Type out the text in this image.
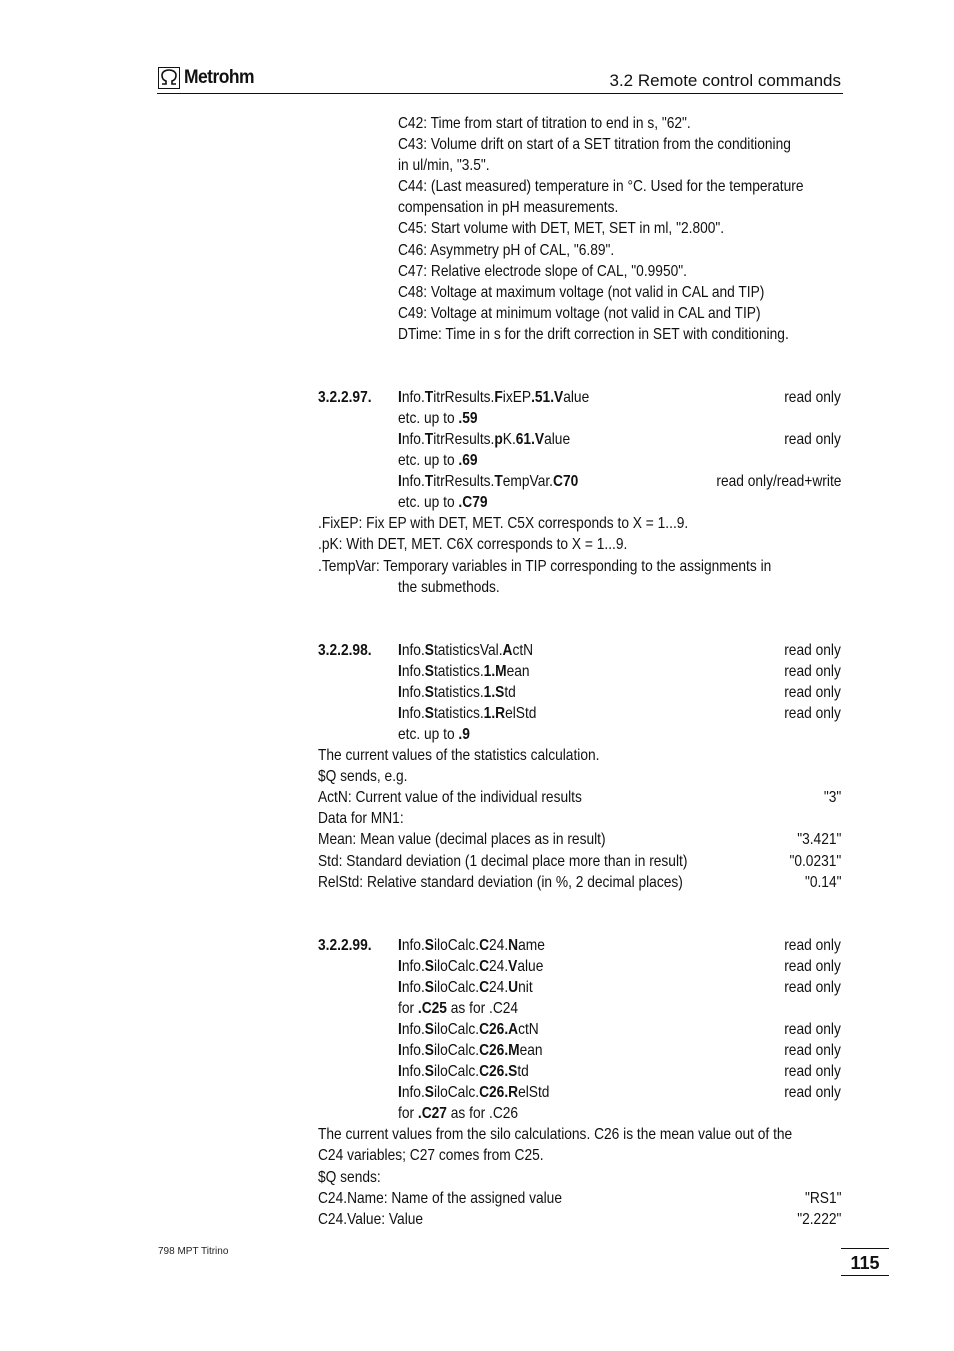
Metrohm	3.2 Remote control commands
C42: Time from start of titration to end in s, "62".
C43: Volume drift on start of a SET titration from the conditioning
in ul/min, "3.5".
C44: (Last measured) temperature in °C. Used for the temperature
compensation in pH measurements.
C45: Start volume with DET, MET, SET in ml, "2.800".
C46: Asymmetry pH of CAL, "6.89".
C47: Relative electrode slope of CAL, "0.9950".
C48: Voltage at maximum voltage (not valid in CAL and TIP)
C49: Voltage at minimum voltage (not valid in CAL and TIP)
DTime: Time in s for the drift correction in SET with conditioning.
3.2.2.97. Info.TitrResults.FixEP.51.Value	read only
etc. up to .59
Info.TitrResults.pK.61.Value	read only
etc. up to .69
Info.TitrResults.TempVar.C70	read only/read+write
etc. up to .C79
.FixEP: Fix EP with DET, MET. C5X corresponds to X = 1...9.
.pK: With DET, MET. C6X corresponds to X = 1...9.
.TempVar: Temporary variables in TIP corresponding to the assignments in
the submethods.
3.2.2.98. Info.StatisticsVal.ActN	read only
Info.Statistics.1.Mean	read only
Info.Statistics.1.Std	read only
Info.Statistics.1.RelStd	read only
etc. up to .9
The current values of the statistics calculation.
$Q sends, e.g.
ActN: Current value of the individual results	"3"
Data for MN1:
Mean: Mean value (decimal places as in result)	"3.421"
Std: Standard deviation (1 decimal place more than in result)	"0.0231"
RelStd: Relative standard deviation (in %, 2 decimal places)	"0.14"
3.2.2.99. Info.SiloCalc.C24.Name	read only
Info.SiloCalc.C24.Value	read only
Info.SiloCalc.C24.Unit	read only
for .C25 as for .C24
Info.SiloCalc.C26.ActN	read only
Info.SiloCalc.C26.Mean	read only
Info.SiloCalc.C26.Std	read only
Info.SiloCalc.C26.RelStd	read only
for .C27 as for .C26
The current values from the silo calculations. C26 is the mean value out of the
C24 variables; C27 comes from C25.
$Q sends:
C24.Name: Name of the assigned value	"RS1"
C24.Value: Value	"2.222"
798 MPT Titrino
115
